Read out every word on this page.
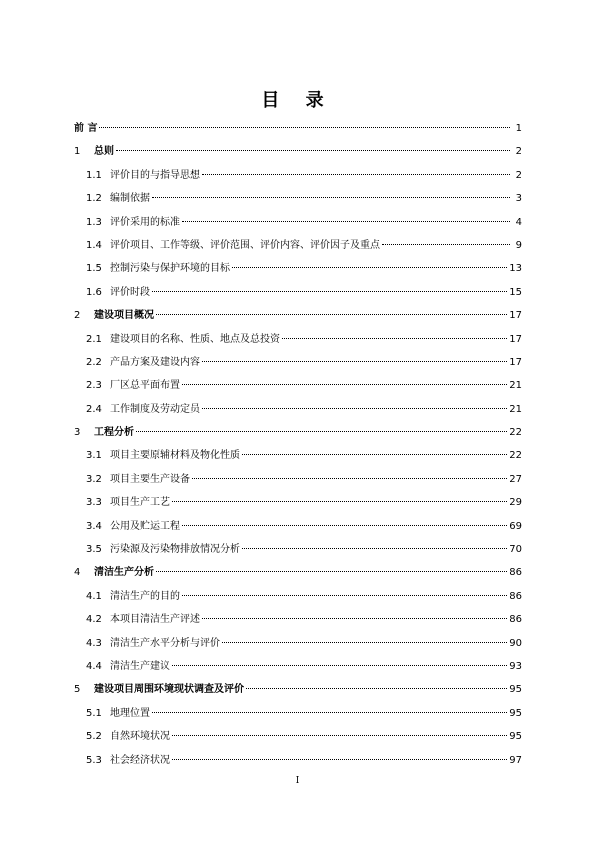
目 录
前 言	1
1	总则	2
1.1 评价目的与指导思想	2
1.2 编制依据	3
1.3 评价采用的标准	4
1.4 评价项目、工作等级、评价范围、评价内容、评价因子及重点	9
1.5 控制污染与保护环境的目标	13
1.6 评价时段	15
2	建设项目概况	17
2.1 建设项目的名称、性质、地点及总投资	17
2.2 产品方案及建设内容	17
2.3 厂区总平面布置	21
2.4 工作制度及劳动定员	21
3	工程分析	22
3.1 项目主要原辅材料及物化性质	22
3.2 项目主要生产设备	27
3.3 项目生产工艺	29
3.4 公用及贮运工程	69
3.5 污染源及污染物排放情况分析	70
4	清洁生产分析	86
4.1 清洁生产的目的	86
4.2 本项目清洁生产评述	86
4.3 清洁生产水平分析与评价	90
4.4 清洁生产建议	93
5	建设项目周围环境现状调查及评价	95
5.1 地理位置	95
5.2 自然环境状况	95
5.3 社会经济状况	97
I
